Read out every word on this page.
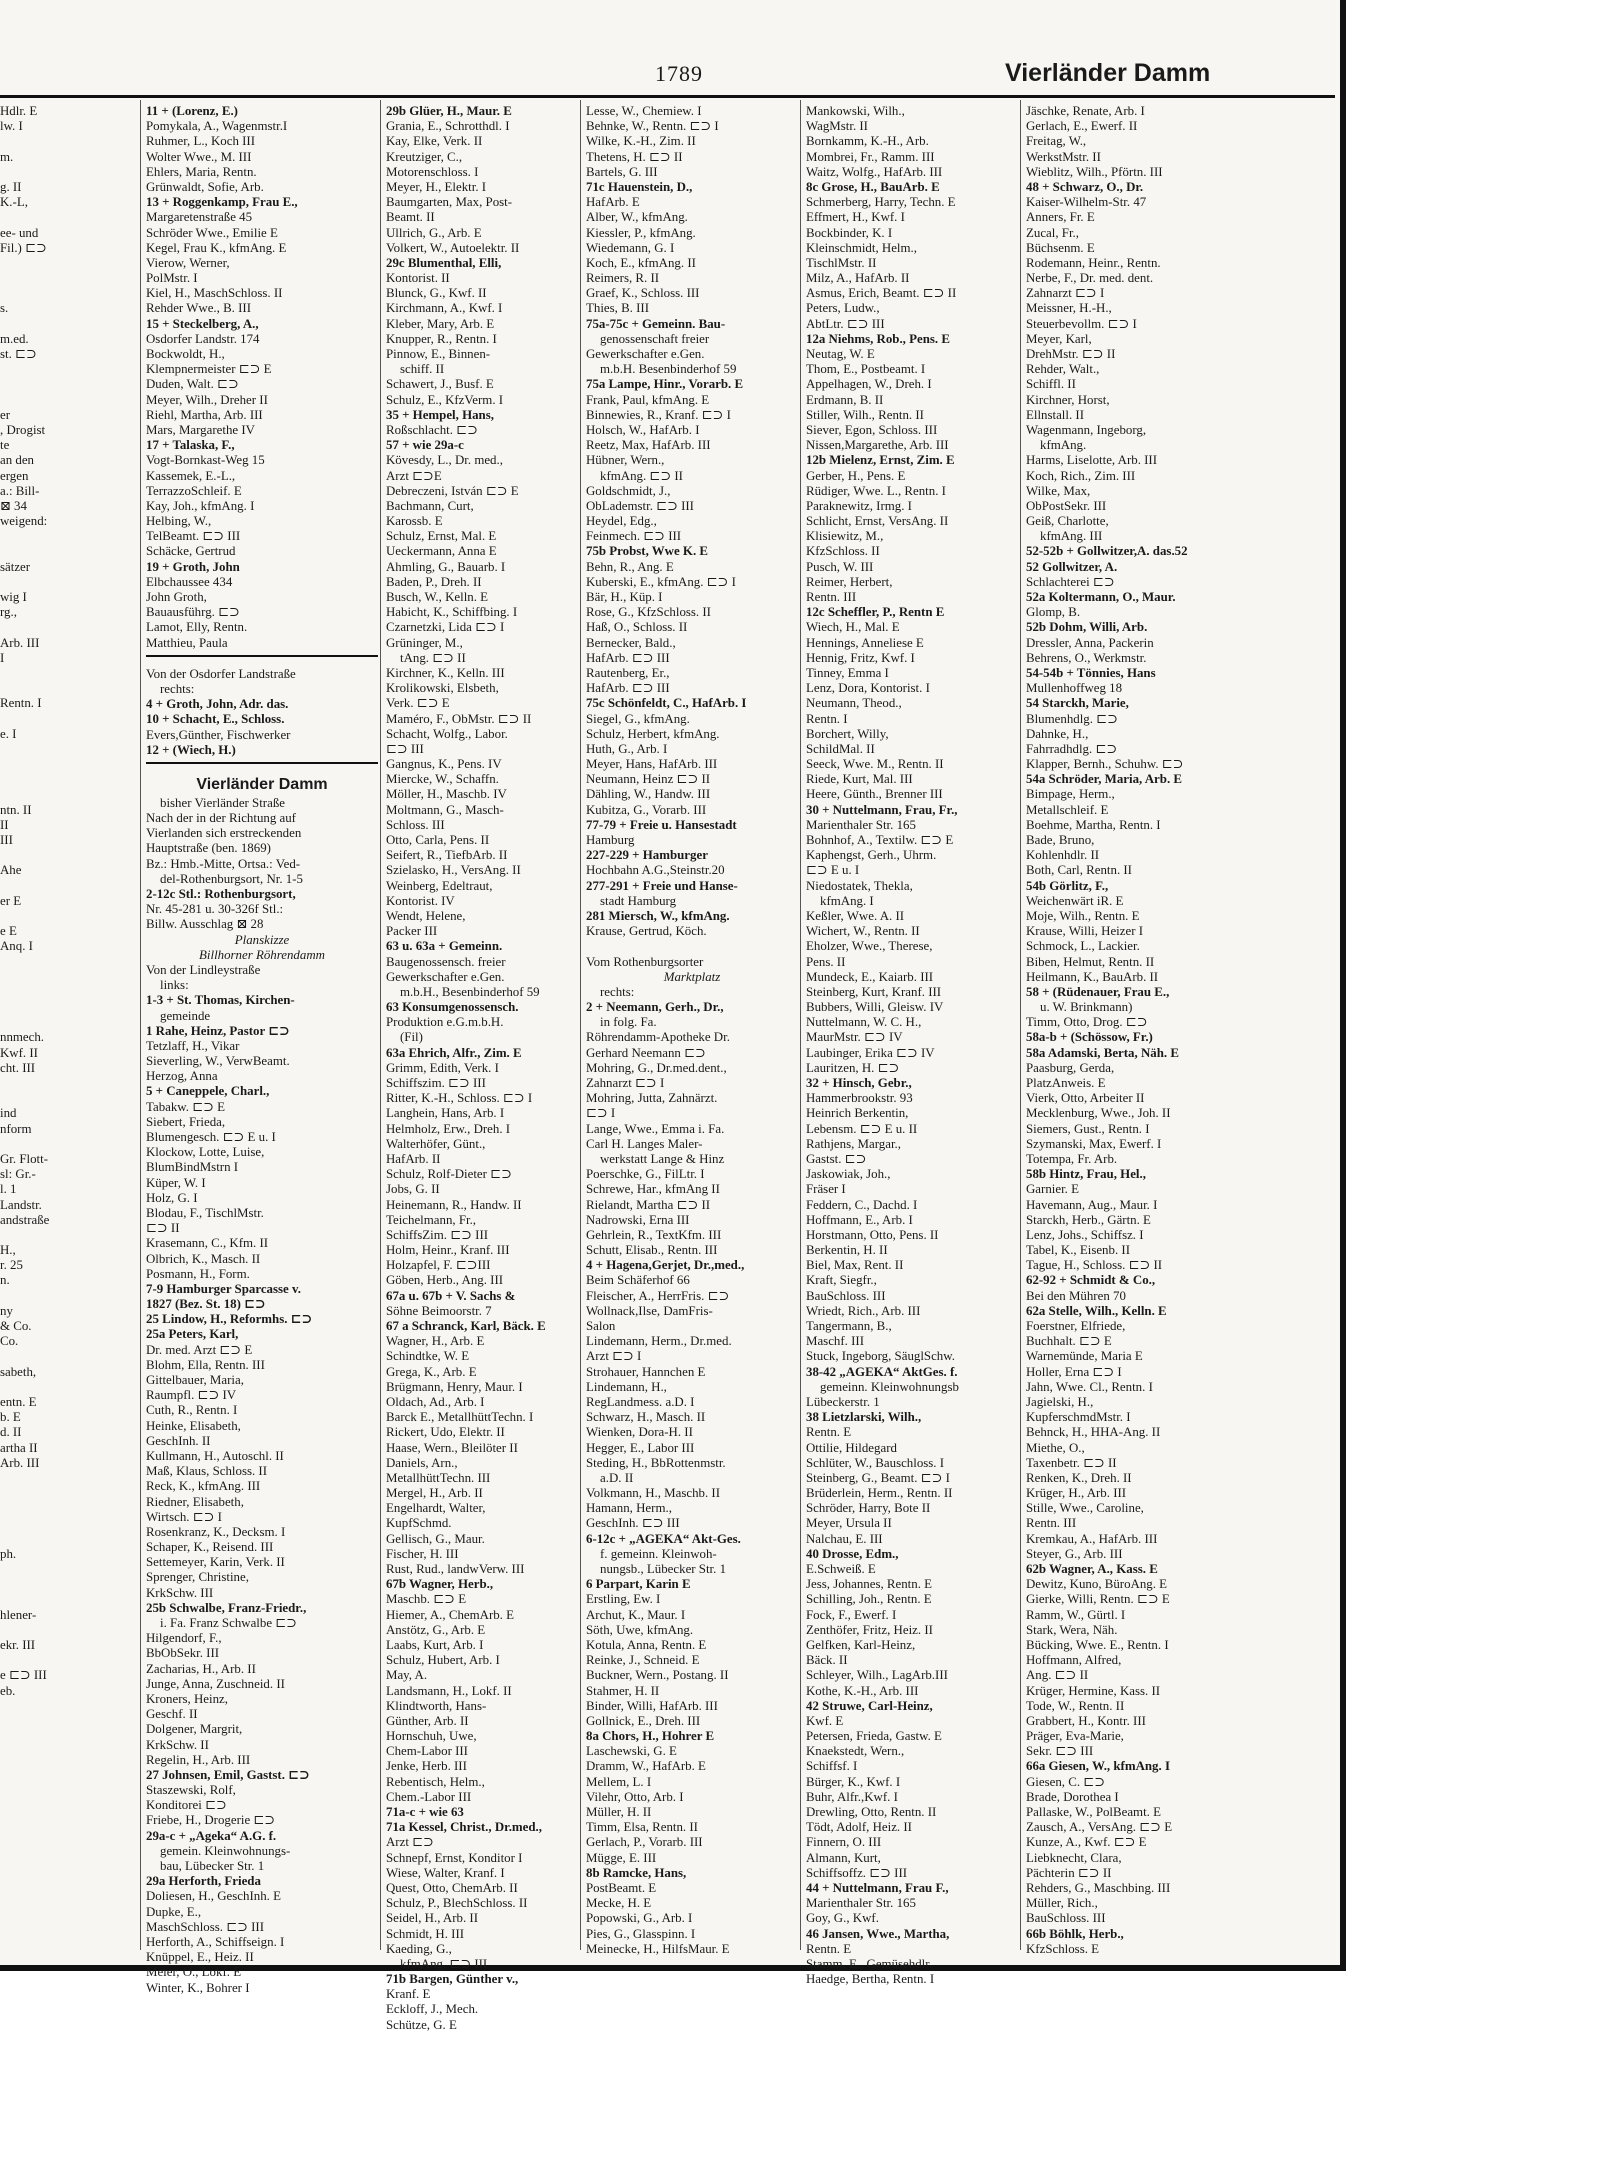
1789	Vierländer Damm
Hdlr. E
lw. I
m.
g. II
K.-L,
ee- und
Fil.) ⊏⊃
s.
m.ed.
st. ⊏⊃
er
, Drogist
te
an den
ergen
a.: Bill-
⊠ 34
weigend:
sätzer
wig I
rg.,
Arb. III
I
Rentn. I
e. I
ntn. II
II
III
Ahe
er E
e E
Anq. I
nnmech.
Kwf. II
cht. III
ind
nform
Gr. Flott-
sl: Gr.-
l. 1
Landstr.
andstraße
H.,
r. 25
n.
ny
& Co.
Co.
sabeth,
entn. E
b. E
d. II
artha II
Arb. III
ph.
hlener-
ekr. III
e ⊏⊃ III
eb.
11 + (Lorenz, E.)
Pomykala, A., Wagenmstr.I
Ruhmer, L., Koch III
Wolter Wwe., M. III
Ehlers, Maria, Rentn.
Grünwaldt, Sofie, Arb.
13 + Roggenkamp, Frau E.,
Margaretenstraße 45
Schröder Wwe., Emilie E
Kegel, Frau K., kfmAng. E
Vierow, Werner,
PolMstr. I
Kiel, H., MaschSchloss. II
Rehder Wwe., B. III
15 + Steckelberg, A.,
Osdorfer Landstr. 174
Bockwoldt, H.,
Klempnermeister ⊏⊃ E
Duden, Walt. ⊏⊃
Meyer, Wilh., Dreher II
Riehl, Martha, Arb. III
Mars, Margarethe IV
17 + Talaska, F.,
Vogt-Bornkast-Weg 15
Kassemek, E.-L.,
TerrazzoSchleif. E
Kay, Joh., kfmAng. I
Helbing, W.,
TelBeamt. ⊏⊃ III
Schäcke, Gertrud
19 + Groth, John
Elbchaussee 434
John Groth,
Bauausführg. ⊏⊃
Lamot, Elly, Rentn.
Matthieu, Paula
Von der Osdorfer Landstraße
rechts:
4 + Groth, John, Adr. das.
10 + Schacht, E., Schloss.
Evers,Günther, Fischwerker
12 + (Wiech, H.)
Vierländer Damm
bisher Vierländer Straße
Nach der in der Richtung auf
Vierlanden sich erstreckenden
Hauptstraße (ben. 1869)
Bz.: Hmb.-Mitte, Ortsa.: Ved-
del-Rothenburgsort, Nr. 1-5
2-12c Stl.: Rothenburgsort,
Nr. 45-281 u. 30-326f Stl.:
Billw. Ausschlag ⊠ 28
Planskizze
Billhorner Röhrendamm
Von der Lindleystraße
links:
1-3 + St. Thomas, Kirchen-
gemeinde
1 Rahe, Heinz, Pastor ⊏⊃
Tetzlaff, H., Vikar
Sieverling, W., VerwBeamt.
Herzog, Anna
5 + Caneppele, Charl.,
Tabakw. ⊏⊃ E
Siebert, Frieda,
Blumengesch. ⊏⊃ E u. I
Klockow, Lotte, Luise,
BlumBindMstrn I
Küper, W. I
Holz, G. I
Blodau, F., TischlMstr.
⊏⊃ II
Krasemann, C., Kfm. II
Olbrich, K., Masch. II
Posmann, H., Form.
7-9 Hamburger Sparcasse v.
1827 (Bez. St. 18) ⊏⊃
25 Lindow, H., Reformhs. ⊏⊃
25a Peters, Karl,
Dr. med. Arzt ⊏⊃ E
Blohm, Ella, Rentn. III
Gittelbauer, Maria,
Raumpfl. ⊏⊃ IV
Cuth, R., Rentn. I
Heinke, Elisabeth,
GeschInh. II
Kullmann, H., Autoschl. II
Maß, Klaus, Schloss. II
Reck, K., kfmAng. III
Riedner, Elisabeth,
Wirtsch. ⊏⊃ I
Rosenkranz, K., Decksm. I
Schaper, K., Reisend. III
Settemeyer, Karin, Verk. II
Sprenger, Christine,
KrkSchw. III
25b Schwalbe, Franz-Friedr.,
i. Fa. Franz Schwalbe ⊏⊃
Hilgendorf, F.,
BbObSekr. III
Zacharias, H., Arb. II
Junge, Anna, Zuschneid. II
Kroners, Heinz,
Geschf. II
Dolgener, Margrit,
KrkSchw. II
Regelin, H., Arb. III
27 Johnsen, Emil, Gastst. ⊏⊃
Staszewski, Rolf,
Konditorei ⊏⊃
Friebe, H., Drogerie ⊏⊃
29a-c + „Ageka“ A.G. f.
gemein. Kleinwohnungs-
bau, Lübecker Str. 1
29a Herforth, Frieda
Doliesen, H., GeschInh. E
Dupke, E.,
MaschSchloss. ⊏⊃ III
Herforth, A., Schiffseign. I
Knüppel, E., Heiz. II
Meier, O., Lokf. E
Winter, K., Bohrer I
29b Glüer, H., Maur. E
Grania, E., Schrotthdl. I
Kay, Elke, Verk. II
Kreutziger, C.,
Motorenschloss. I
Meyer, H., Elektr. I
Baumgarten, Max, Post-
Beamt. II
Ullrich, G., Arb. E
Volkert, W., Autoelektr. II
29c Blumenthal, Elli,
Kontorist. II
Blunck, G., Kwf. II
Kirchmann, A., Kwf. I
Kleber, Mary, Arb. E
Knupper, R., Rentn. I
Pinnow, E., Binnen-
schiff. II
Schawert, J., Busf. E
Schulz, E., KfzVerm. I
35 + Hempel, Hans,
Roßschlacht. ⊏⊃
57 + wie 29a-c
Kövesdy, L., Dr. med.,
Arzt ⊏⊃E
Debreczeni, István ⊏⊃ E
Bachmann, Curt,
Karossb. E
Schulz, Ernst, Mal. E
Ueckermann, Anna E
Ahmling, G., Bauarb. I
Baden, P., Dreh. II
Busch, W., Kelln. E
Habicht, K., Schiffbing. I
Czarnetzki, Lida ⊏⊃ I
Grüninger, M.,
tAng. ⊏⊃ II
Kirchner, K., Kelln. III
Krolikowski, Elsbeth,
Verk. ⊏⊃ E
Maméro, F., ObMstr. ⊏⊃ II
Schacht, Wolfg., Labor.
⊏⊃ III
Gangnus, K., Pens. IV
Miercke, W., Schaffn.
Möller, H., Maschb. IV
Moltmann, G., Masch-
Schloss. III
Otto, Carla, Pens. II
Seifert, R., TiefbArb. II
Szielasko, H., VersAng. II
Weinberg, Edeltraut,
Kontorist. IV
Wendt, Helene,
Packer III
63 u. 63a + Gemeinn.
Baugenossensch. freier
Gewerkschafter e.Gen.
m.b.H., Besenbinderhof 59
63 Konsumgenossensch.
Produktion e.G.m.b.H.
(Fil)
63a Ehrich, Alfr., Zim. E
Grimm, Edith, Verk. I
Schiffszim. ⊏⊃ III
Ritter, K.-H., Schloss. ⊏⊃ I
Langhein, Hans, Arb. I
Helmholz, Erw., Dreh. I
Walterhöfer, Günt.,
HafArb. II
Schulz, Rolf-Dieter ⊏⊃
Jobs, G. II
Heinemann, R., Handw. II
Teichelmann, Fr.,
SchiffsZim. ⊏⊃ III
Holm, Heinr., Kranf. III
Holzapfel, F. ⊏⊃III
Göben, Herb., Ang. III
67a u. 67b + V. Sachs &
Söhne Beimoorstr. 7
67 a Schranck, Karl, Bäck. E
Wagner, H., Arb. E
Schindtke, W. E
Grega, K., Arb. E
Brügmann, Henry, Maur. I
Oldach, Ad., Arb. I
Barck E., MetallhüttTechn. I
Rickert, Udo, Elektr. II
Haase, Wern., Bleilöter II
Daniels, Arn.,
MetallhüttTechn. III
Mergel, H., Arb. II
Engelhardt, Walter,
KupfSchmd.
Gellisch, G., Maur.
Fischer, H. III
Rust, Rud., landwVerw. III
67b Wagner, Herb.,
Maschb. ⊏⊃ E
Hiemer, A., ChemArb. E
Anstötz, G., Arb. E
Laabs, Kurt, Arb. I
Schulz, Hubert, Arb. I
May, A.
Landsmann, H., Lokf. II
Klindtworth, Hans-
Günther, Arb. II
Hornschuh, Uwe,
Chem-Labor III
Jenke, Herb. III
Rebentisch, Helm.,
Chem.-Labor III
71a-c + wie 63
71a Kessel, Christ., Dr.med.,
Arzt ⊏⊃
Schnepf, Ernst, Konditor I
Wiese, Walter, Kranf. I
Quest, Otto, ChemArb. II
Schulz, P., BlechSchloss. II
Seidel, H., Arb. II
Schmidt, H. III
Kaeding, G.,
kfmAng. ⊏⊃ III
71b Bargen, Günther v.,
Kranf. E
Eckloff, J., Mech.
Schütze, G. E
Lesse, W., Chemiew. I
Behnke, W., Rentn. ⊏⊃ I
Wilke, K.-H., Zim. II
Thetens, H. ⊏⊃ II
Bartels, G. III
71c Hauenstein, D.,
HafArb. E
Alber, W., kfmAng.
Kiessler, P., kfmAng.
Wiedemann, G. I
Koch, E., kfmAng. II
Reimers, R. II
Graef, K., Schloss. III
Thies, B. III
75a-75c + Gemeinn. Bau-
genossenschaft freier
Gewerkschafter e.Gen.
m.b.H. Besenbinderhof 59
75a Lampe, Hinr., Vorarb. E
Frank, Paul, kfmAng. E
Binnewies, R., Kranf. ⊏⊃ I
Holsch, W., HafArb. I
Reetz, Max, HafArb. III
Hübner, Wern.,
kfmAng. ⊏⊃ II
Goldschmidt, J.,
ObLademstr. ⊏⊃ III
Heydel, Edg.,
Feinmech. ⊏⊃ III
75b Probst, Wwe K. E
Behn, R., Ang. E
Kuberski, E., kfmAng. ⊏⊃ I
Bär, H., Küp. I
Rose, G., KfzSchloss. II
Haß, O., Schloss. II
Bernecker, Bald.,
HafArb. ⊏⊃ III
Rautenberg, Er.,
HafArb. ⊏⊃ III
75c Schönfeldt, C., HafArb. I
Siegel, G., kfmAng.
Schulz, Herbert, kfmAng.
Huth, G., Arb. I
Meyer, Hans, HafArb. III
Neumann, Heinz ⊏⊃ II
Dähling, W., Handw. III
Kubitza, G., Vorarb. III
77-79 + Freie u. Hansestadt
Hamburg
227-229 + Hamburger
Hochbahn A.G.,Steinstr.20
277-291 + Freie und Hanse-
stadt Hamburg
281 Miersch, W., kfmAng.
Krause, Gertrud, Köch.
Vom Rothenburgsorter
Marktplatz
rechts:
2 + Neemann, Gerh., Dr.,
in folg. Fa.
Röhrendamm-Apotheke Dr.
Gerhard Neemann ⊏⊃
Mohring, G., Dr.med.dent.,
Zahnarzt ⊏⊃ I
Mohring, Jutta, Zahnärzt.
⊏⊃ I
Lange, Wwe., Emma i. Fa.
Carl H. Langes Maler-
werkstatt Lange & Hinz
Poerschke, G., FilLtr. I
Schrewe, Har., kfmAng II
Rielandt, Martha ⊏⊃ II
Nadrowski, Erna III
Gehrlein, R., TextKfm. III
Schutt, Elisab., Rentn. III
4 + Hagena,Gerjet, Dr.,med.,
Beim Schäferhof 66
Fleischer, A., HerrFris. ⊏⊃
Wollnack,Ilse, DamFris-
Salon
Lindemann, Herm., Dr.med.
Arzt ⊏⊃ I
Strohauer, Hannchen E
Lindemann, H.,
RegLandmess. a.D. I
Schwarz, H., Masch. II
Wienken, Dora-H. II
Hegger, E., Labor III
Steding, H., BbRottenmstr.
a.D. II
Volkmann, H., Maschb. II
Hamann, Herm.,
GeschInh. ⊏⊃ III
6-12c + „AGEKA“ Akt-Ges.
f. gemeinn. Kleinwoh-
nungsb., Lübecker Str. 1
6 Parpart, Karin E
Erstling, Ew. I
Archut, K., Maur. I
Söth, Uwe, kfmAng.
Kotula, Anna, Rentn. E
Reinke, J., Schneid. E
Buckner, Wern., Postang. II
Stahmer, H. II
Binder, Willi, HafArb. III
Gollnick, E., Dreh. III
8a Chors, H., Hohrer E
Laschewski, G. E
Dramm, W., HafArb. E
Mellem, L. I
Vilehr, Otto, Arb. I
Müller, H. II
Timm, Elsa, Rentn. II
Gerlach, P., Vorarb. III
Mügge, E. III
8b Ramcke, Hans,
PostBeamt. E
Mecke, H. E
Popowski, G., Arb. I
Pies, G., Glasspinn. I
Meinecke, H., HilfsMaur. E
Mankowski, Wilh.,
WagMstr. II
Bornkamm, K.-H., Arb.
Mombrei, Fr., Ramm. III
Waitz, Wolfg., HafArb. III
8c Grose, H., BauArb. E
Schmerberg, Harry, Techn. E
Effmert, H., Kwf. I
Bockbinder, K. I
Kleinschmidt, Helm.,
TischlMstr. II
Milz, A., HafArb. II
Asmus, Erich, Beamt. ⊏⊃ II
Peters, Ludw.,
AbtLtr. ⊏⊃ III
12a Niehms, Rob., Pens. E
Neutag, W. E
Thom, E., Postbeamt. I
Appelhagen, W., Dreh. I
Erdmann, B. II
Stiller, Wilh., Rentn. II
Siever, Egon, Schloss. III
Nissen,Margarethe, Arb. III
12b Mielenz, Ernst, Zim. E
Gerber, H., Pens. E
Rüdiger, Wwe. L., Rentn. I
Paraknewitz, Irmg. I
Schlicht, Ernst, VersAng. II
Klisiewitz, M.,
KfzSchloss. II
Pusch, W. III
Reimer, Herbert,
Rentn. III
12c Scheffler, P., Rentn E
Wiech, H., Mal. E
Hennings, Anneliese E
Hennig, Fritz, Kwf. I
Tinney, Emma I
Lenz, Dora, Kontorist. I
Neumann, Theod.,
Rentn. I
Borchert, Willy,
SchildMal. II
Seeck, Wwe. M., Rentn. II
Riede, Kurt, Mal. III
Heere, Günth., Brenner III
30 + Nuttelmann, Frau, Fr.,
Marienthaler Str. 165
Bohnhof, A., Textilw. ⊏⊃ E
Kaphengst, Gerh., Uhrm.
⊏⊃ E u. I
Niedostatek, Thekla,
kfmAng. I
Keßler, Wwe. A. II
Wichert, W., Rentn. II
Eholzer, Wwe., Therese,
Pens. II
Mundeck, E., Kaiarb. III
Steinberg, Kurt, Kranf. III
Bubbers, Willi, Gleisw. IV
Nuttelmann, W. C. H.,
MaurMstr. ⊏⊃ IV
Laubinger, Erika ⊏⊃ IV
Lauritzen, H. ⊏⊃
32 + Hinsch, Gebr.,
Hammerbrookstr. 93
Heinrich Berkentin,
Lebensm. ⊏⊃ E u. II
Rathjens, Margar.,
Gastst. ⊏⊃
Jaskowiak, Joh.,
Fräser I
Feddern, C., Dachd. I
Hoffmann, E., Arb. I
Horstmann, Otto, Pens. II
Berkentin, H. II
Biel, Max, Rent. II
Kraft, Siegfr.,
BauSchloss. III
Wriedt, Rich., Arb. III
Tangermann, B.,
Maschf. III
Stuck, Ingeborg, SäuglSchw.
38-42 „AGEKA“ AktGes. f.
gemeinn. Kleinwohnungsb
Lübeckerstr. 1
38 Lietzlarski, Wilh.,
Rentn. E
Ottilie, Hildegard
Schlüter, W., Bauschloss. I
Steinberg, G., Beamt. ⊏⊃ I
Brüderlein, Herm., Rentn. II
Schröder, Harry, Bote II
Meyer, Ursula II
Nalchau, E. III
40 Drosse, Edm.,
E.Schweiß. E
Jess, Johannes, Rentn. E
Schilling, Joh., Rentn. E
Fock, F., Ewerf. I
Zenthöfer, Fritz, Heiz. II
Gelfken, Karl-Heinz,
Bäck. II
Schleyer, Wilh., LagArb.III
Kothe, K.-H., Arb. III
42 Struwe, Carl-Heinz,
Kwf. E
Petersen, Frieda, Gastw. E
Knaekstedt, Wern.,
Schiffsf. I
Bürger, K., Kwf. I
Buhr, Alfr.,Kwf. I
Drewling, Otto, Rentn. II
Tödt, Adolf, Heiz. II
Finnern, O. III
Almann, Kurt,
Schiffsoffz. ⊏⊃ III
44 + Nuttelmann, Frau F.,
Marienthaler Str. 165
Goy, G., Kwf.
46 Jansen, Wwe., Martha,
Rentn. E
Stamm, E., Gemüsehdlr.
Haedge, Bertha, Rentn. I
Jäschke, Renate, Arb. I
Gerlach, E., Ewerf. II
Freitag, W.,
WerkstMstr. II
Wieblitz, Wilh., Pförtn. III
48 + Schwarz, O., Dr.
Kaiser-Wilhelm-Str. 47
Anners, Fr. E
Zucal, Fr.,
Büchsenm. E
Rodemann, Heinr., Rentn.
Nerbe, F., Dr. med. dent.
Zahnarzt ⊏⊃ I
Meissner, H.-H.,
Steuerbevollm. ⊏⊃ I
Meyer, Karl,
DrehMstr. ⊏⊃ II
Rehder, Walt.,
Schiffl. II
Kirchner, Horst,
Ellnstall. II
Wagenmann, Ingeborg,
kfmAng.
Harms, Liselotte, Arb. III
Koch, Rich., Zim. III
Wilke, Max,
ObPostSekr. III
Geiß, Charlotte,
kfmAng. III
52-52b + Gollwitzer,A. das.52
52 Gollwitzer, A.
Schlachterei ⊏⊃
52a Koltermann, O., Maur.
Glomp, B.
52b Dohm, Willi, Arb.
Dressler, Anna, Packerin
Behrens, O., Werkmstr.
54-54b + Tönnies, Hans
Mullenhoffweg 18
54 Starckh, Marie,
Blumenhdlg. ⊏⊃
Dahnke, H.,
Fahrradhdlg. ⊏⊃
Klapper, Bernh., Schuhw. ⊏⊃
54a Schröder, Maria, Arb. E
Bimpage, Herm.,
Metallschleif. E
Boehme, Martha, Rentn. I
Bade, Bruno,
Kohlenhdlr. II
Both, Carl, Rentn. II
54b Görlitz, F.,
Weichenwärt iR. E
Moje, Wilh., Rentn. E
Krause, Willi, Heizer I
Schmock, L., Lackier.
Biben, Helmut, Rentn. II
Heilmann, K., BauArb. II
58 + (Rüdenauer, Frau E.,
u. W. Brinkmann)
Timm, Otto, Drog. ⊏⊃
58a-b + (Schössow, Fr.)
58a Adamski, Berta, Näh. E
Paasburg, Gerda,
PlatzAnweis. E
Vierk, Otto, Arbeiter II
Mecklenburg, Wwe., Joh. II
Siemers, Gust., Rentn. I
Szymanski, Max, Ewerf. I
Totempa, Fr. Arb.
58b Hintz, Frau, Hel.,
Garnier. E
Havemann, Aug., Maur. I
Starckh, Herb., Gärtn. E
Lenz, Johs., Schiffsz. I
Tabel, K., Eisenb. II
Tague, H., Schloss. ⊏⊃ II
62-92 + Schmidt & Co.,
Bei den Mühren 70
62a Stelle, Wilh., Kelln. E
Foerstner, Elfriede,
Buchhalt. ⊏⊃ E
Warnemünde, Maria E
Holler, Erna ⊏⊃ I
Jahn, Wwe. Cl., Rentn. I
Jagielski, H.,
KupferschmdMstr. I
Behnck, H., HHA-Ang. II
Miethe, O.,
Taxenbetr. ⊏⊃ II
Renken, K., Dreh. II
Krüger, H., Arb. III
Stille, Wwe., Caroline,
Rentn. III
Kremkau, A., HafArb. III
Steyer, G., Arb. III
62b Wagner, A., Kass. E
Dewitz, Kuno, BüroAng. E
Gierke, Willi, Rentn. ⊏⊃ E
Ramm, W., Gürtl. I
Stark, Wera, Näh.
Bücking, Wwe. E., Rentn. I
Hoffmann, Alfred,
Ang. ⊏⊃ II
Krüger, Hermine, Kass. II
Tode, W., Rentn. II
Grabbert, H., Kontr. III
Präger, Eva-Marie,
Sekr. ⊏⊃ III
66a Giesen, W., kfmAng. I
Giesen, C. ⊏⊃
Brade, Dorothea I
Pallaske, W., PolBeamt. E
Zausch, A., VersAng. ⊏⊃ E
Kunze, A., Kwf. ⊏⊃ E
Liebknecht, Clara,
Pächterin ⊏⊃ II
Rehders, G., Maschbing. III
Müller, Rich.,
BauSchloss. III
66b Böhlk, Herb.,
KfzSchloss. E
